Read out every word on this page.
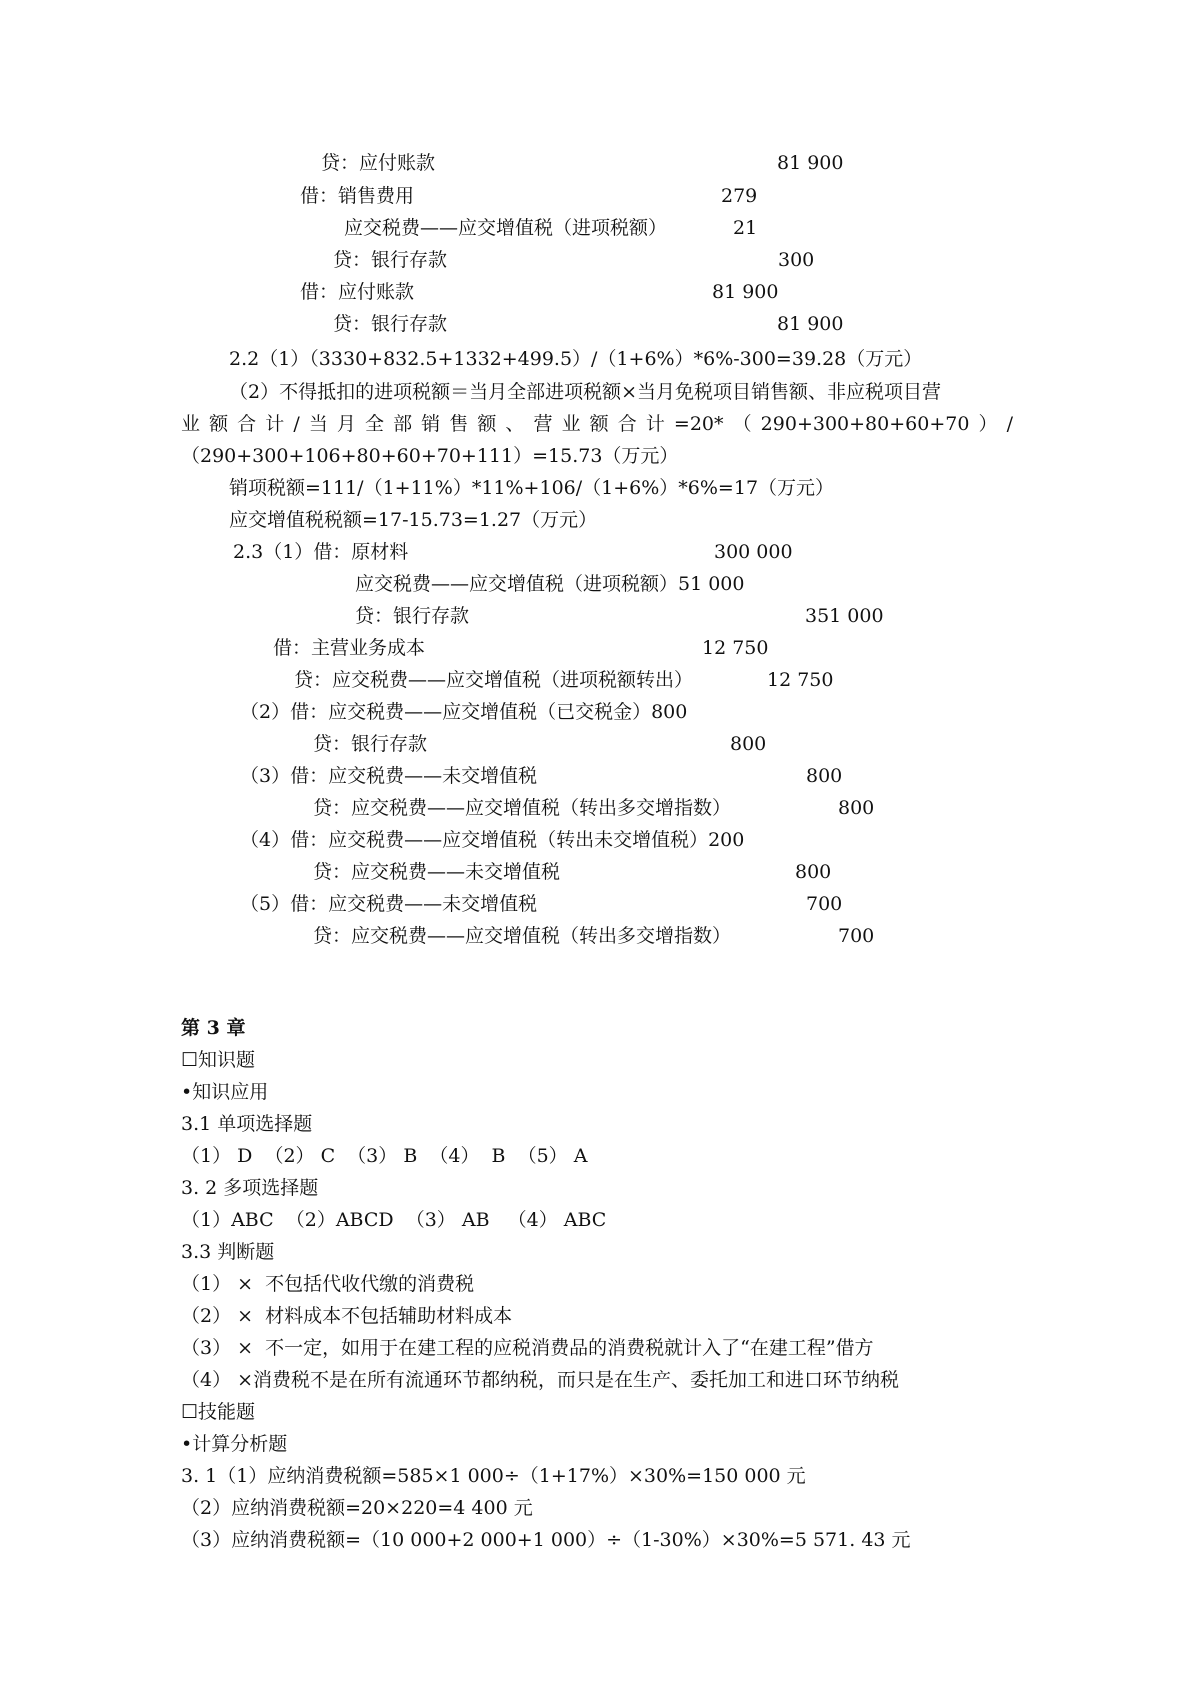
贷：应付账款	81 900
借：销售费用	279
应交税费——应交增值税（进项税额）	21
贷：银行存款	300
借：应付账款	81 900
贷：银行存款	81 900
2.2（1）（3330+832.5+1332+499.5）/（1+6%）*6%-300=39.28（万元）
（2）不得抵扣的进项税额＝当月全部进项税额×当月免税项目销售额、非应税项目营
业额合计/当月全部销售额、营业额合计=20*（290+300+80+60+70）/
（290+300+106+80+60+70+111）=15.73（万元）
销项税额=111/（1+11%）*11%+106/（1+6%）*6%=17（万元）
应交增值税税额=17-15.73=1.27（万元）
2.3（1）借：原材料	300 000
应交税费——应交增值税（进项税额）51 000
贷：银行存款	351 000
借：主营业务成本	12 750
贷：应交税费——应交增值税（进项税额转出）	12 750
（2）借：应交税费——应交增值税（已交税金）800
贷：银行存款	800
（3）借：应交税费——未交增值税	800
贷：应交税费——应交增值税（转出多交增指数）	800
（4）借：应交税费——应交增值税（转出未交增值税）200
贷：应交税费——未交增值税	800
（5）借：应交税费——未交增值税	700
贷：应交税费——应交增值税（转出多交增指数）	700
第 3 章
☐知识题
•知识应用
3.1 单项选择题
（1） D  （2） C  （3） B  （4）  B  （5） A
3. 2 多项选择题
（1）ABC  （2）ABCD  （3） AB   （4） ABC
3.3 判断题
（1） ×  不包括代收代缴的消费税
（2） ×  材料成本不包括辅助材料成本
（3） ×  不一定，如用于在建工程的应税消费品的消费税就计入了“在建工程”借方
（4） ×消费税不是在所有流通环节都纳税，而只是在生产、委托加工和进口环节纳税
☐技能题
•计算分析题
3. 1（1）应纳消费税额=585×1 000÷（1+17%）×30%=150 000 元
（2）应纳消费税额=20×220=4 400 元
（3）应纳消费税额=（10 000+2 000+1 000）÷（1-30%）×30%=5 571. 43 元
